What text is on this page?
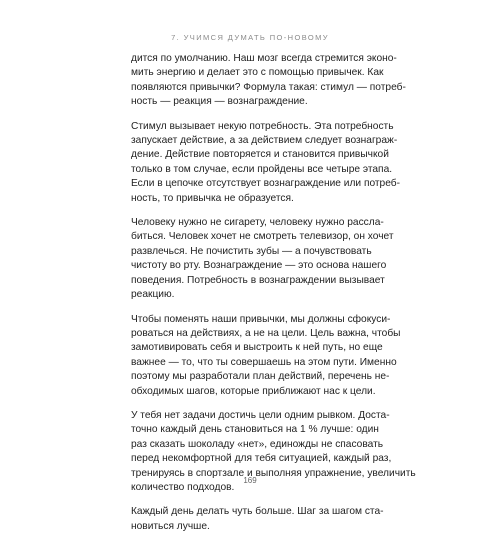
7. УЧИМСЯ ДУМАТЬ ПО-НОВОМУ

дится по умолчанию. Наш мозг всегда стремится эконо-
мить энергию и делает это с помощью привычек. Как
появляются привычки? Формула такая: стимул — потреб-
ность — реакция — вознаграждение.

Стимул вызывает некую потребность. Эта потребность
запускает действие, а за действием следует вознаграж-
дение. Действие повторяется и становится привычкой
только в том случае, если пройдены все четыре этапа.
Если в цепочке отсутствует вознаграждение или потреб-
ность, то привычка не образуется.

Человеку нужно не сигарету, человеку нужно рассла-
биться. Человек хочет не смотреть телевизор, он хочет
развлечься. Не почистить зубы — а почувствовать
чистоту во рту. Вознаграждение — это основа нашего
поведения. Потребность в вознаграждении вызывает
реакцию.

Чтобы поменять наши привычки, мы должны сфокуси-
роваться на действиях, а не на цели. Цель важна, чтобы
замотивировать себя и выстроить к ней путь, но еще
важнее — то, что ты совершаешь на этом пути. Именно
поэтому мы разработали план действий, перечень не-
обходимых шагов, которые приближают нас к цели.

У тебя нет задачи достичь цели одним рывком. Доста-
точно каждый день становиться на 1 % лучше: один
раз сказать шоколаду «нет», единожды не спасовать
перед некомфортной для тебя ситуацией, каждый раз,
тренируясь в спортзале и выполняя упражнение, увеличить
количество подходов.

Каждый день делать чуть больше. Шаг за шагом ста-
новиться лучше.

169
